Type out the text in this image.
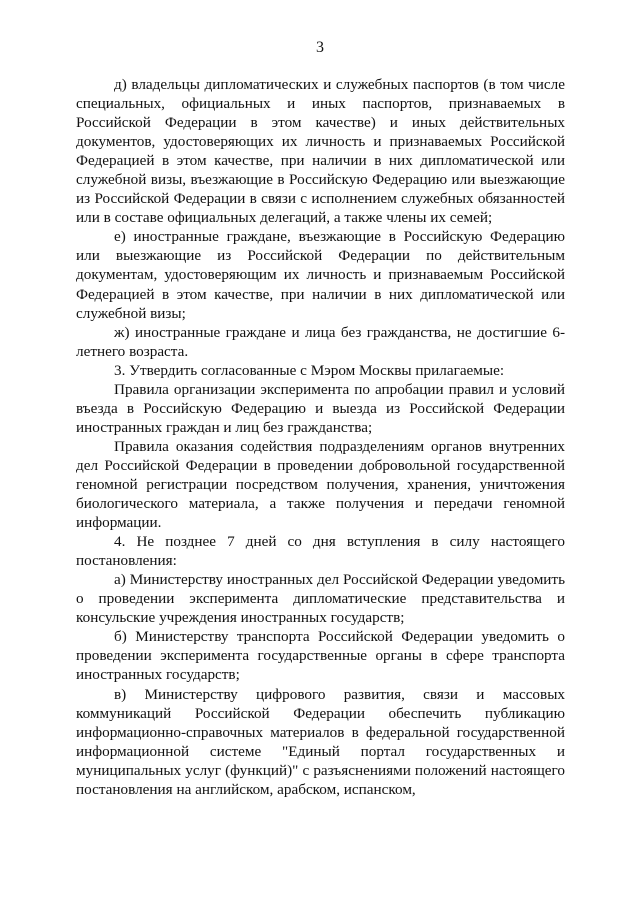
3

д) владельцы дипломатических и служебных паспортов (в том числе специальных, официальных и иных паспортов, признаваемых в Российской Федерации в этом качестве) и иных действительных документов, удостоверяющих их личность и признаваемых Российской Федерацией в этом качестве, при наличии в них дипломатической или служебной визы, въезжающие в Российскую Федерацию или выезжающие из Российской Федерации в связи с исполнением служебных обязанностей или в составе официальных делегаций, а также члены их семей;

е) иностранные граждане, въезжающие в Российскую Федерацию или выезжающие из Российской Федерации по действительным документам, удостоверяющим их личность и признаваемым Российской Федерацией в этом качестве, при наличии в них дипломатической или служебной визы;

ж) иностранные граждане и лица без гражданства, не достигшие 6-летнего возраста.

3. Утвердить согласованные с Мэром Москвы прилагаемые:

Правила организации эксперимента по апробации правил и условий въезда в Российскую Федерацию и выезда из Российской Федерации иностранных граждан и лиц без гражданства;

Правила оказания содействия подразделениям органов внутренних дел Российской Федерации в проведении добровольной государственной геномной регистрации посредством получения, хранения, уничтожения биологического материала, а также получения и передачи геномной информации.

4. Не позднее 7 дней со дня вступления в силу настоящего постановления:

а) Министерству иностранных дел Российской Федерации уведомить о проведении эксперимента дипломатические представительства и консульские учреждения иностранных государств;

б) Министерству транспорта Российской Федерации уведомить о проведении эксперимента государственные органы в сфере транспорта иностранных государств;

в) Министерству цифрового развития, связи и массовых коммуникаций Российской Федерации обеспечить публикацию информационно-справочных материалов в федеральной государственной информационной системе "Единый портал государственных и муниципальных услуг (функций)" с разъяснениями положений настоящего постановления на английском, арабском, испанском,
